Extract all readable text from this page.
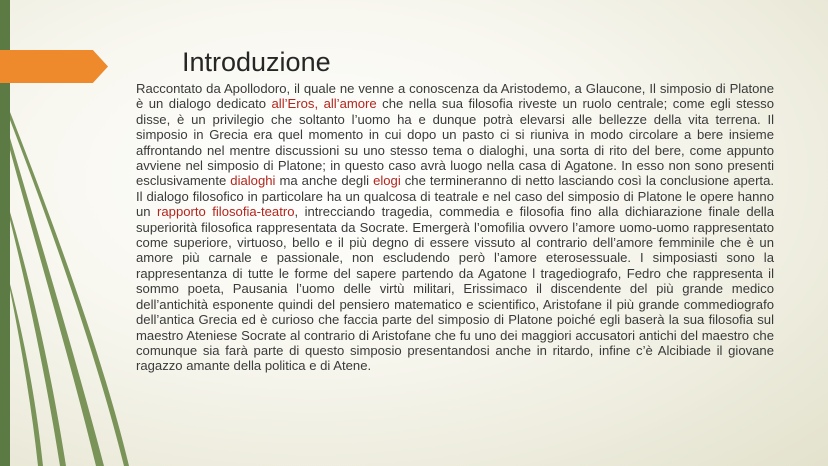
Introduzione
Raccontato da Apollodoro, il quale ne venne a conoscenza da Aristodemo, a Glaucone, Il simposio di Platone è un dialogo dedicato all’Eros, all’amore che nella sua filosofia riveste un ruolo centrale; come egli stesso disse, è un privilegio che soltanto l’uomo ha e dunque potrà elevarsi alle bellezze della vita terrena. Il simposio in Grecia era quel momento in cui dopo un pasto ci si riuniva in modo circolare a bere insieme affrontando nel mentre discussioni su uno stesso tema o dialoghi, una sorta di rito del bere, come appunto avviene nel simposio di Platone; in questo caso avrà luogo nella casa di Agatone. In esso non sono presenti esclusivamente dialoghi ma anche degli elogi che termineranno di netto lasciando così la conclusione aperta. Il dialogo filosofico in particolare ha un qualcosa di teatrale e nel caso del simposio di Platone le opere hanno un rapporto filosofia-teatro, intrecciando tragedia, commedia e filosofia fino alla dichiarazione finale della superiorità filosofica rappresentata da Socrate. Emergerà l’omofilia ovvero l’amore uomo-uomo rappresentato come superiore, virtuoso, bello e il più degno di essere vissuto al contrario dell’amore femminile che è un amore più carnale e passionale, non escludendo però l’amore eterosessuale. I simposiasti sono la rappresentanza di tutte le forme del sapere partendo da Agatone l tragediografo, Fedro che rappresenta il sommo poeta, Pausania l’uomo delle virtù militari, Erissimaco il discendente del più grande medico dell’antichità esponente quindi del pensiero matematico e scientifico, Aristofane il più grande commediografo dell’antica Grecia ed è curioso che faccia parte del simposio di Platone poiché egli baserà la sua filosofia sul maestro Ateniese Socrate al contrario di Aristofane che fu uno dei maggiori accusatori antichi del maestro che comunque sia farà parte di questo simposio presentandosi anche in ritardo, infine c’è Alcibiade il giovane ragazzo amante della politica e di Atene.
